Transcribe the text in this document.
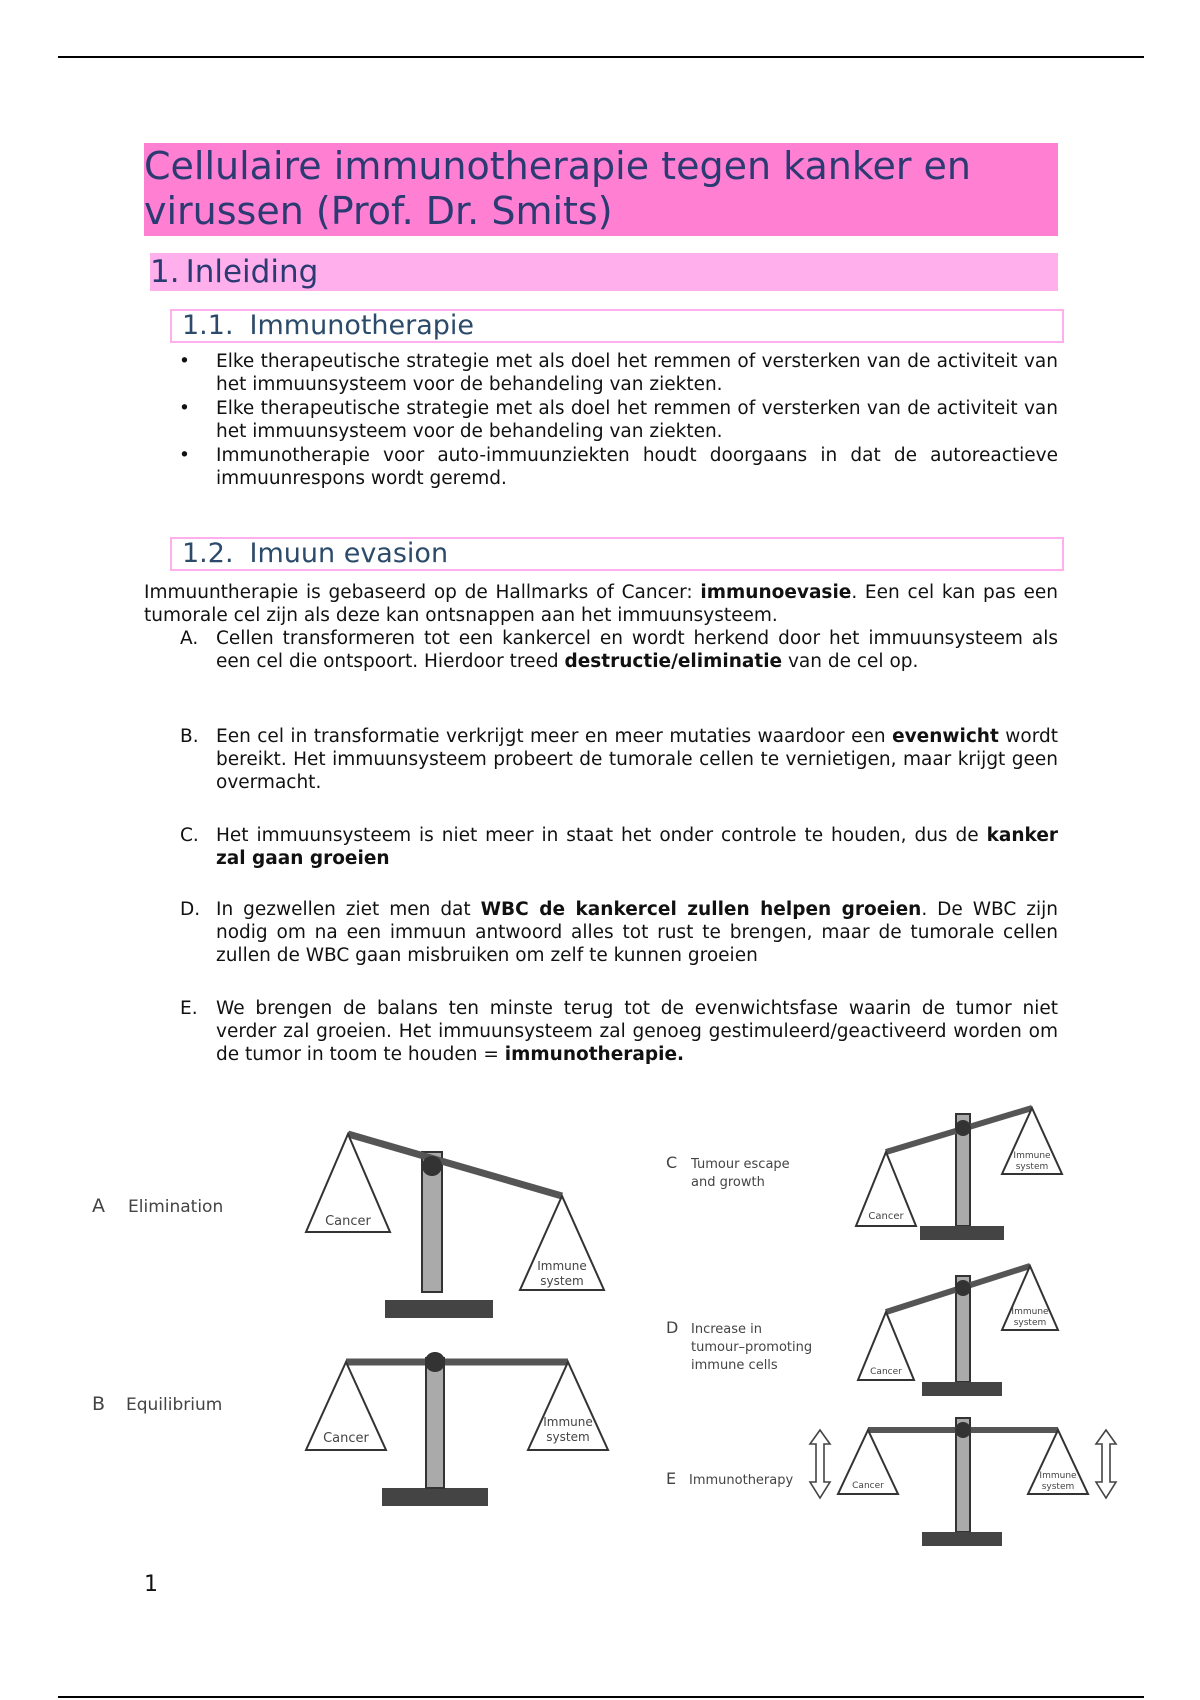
Cellulaire immunotherapie tegen kanker en
virussen (Prof. Dr. Smits)
1. Inleiding
1.1. Immunotherapie
• Elke therapeutische strategie met als doel het remmen of versterken van de activiteit van het immuunsysteem voor de behandeling van ziekten.
• Elke therapeutische strategie met als doel het remmen of versterken van de activiteit van het immuunsysteem voor de behandeling van ziekten.
• Immunotherapie voor auto-immuunziekten houdt doorgaans in dat de autoreactieve immuunrespons wordt geremd.
1.2. Imuun evasion
Immuuntherapie is gebaseerd op de Hallmarks of Cancer: immunoevasie. Een cel kan pas een tumorale cel zijn als deze kan ontsnappen aan het immuunsysteem.
A. Cellen transformeren tot een kankercel en wordt herkend door het immuunsysteem als een cel die ontspoort. Hierdoor treed destructie/eliminatie van de cel op.
B. Een cel in transformatie verkrijgt meer en meer mutaties waardoor een evenwicht wordt bereikt. Het immuunsysteem probeert de tumorale cellen te vernietigen, maar krijgt geen overmacht.
C. Het immuunsysteem is niet meer in staat het onder controle te houden, dus de kanker zal gaan groeien
D. In gezwellen ziet men dat WBC de kankercel zullen helpen groeien. De WBC zijn nodig om na een immuun antwoord alles tot rust te brengen, maar de tumorale cellen zullen de WBC gaan misbruiken om zelf te kunnen groeien
E. We brengen de balans ten minste terug tot de evenwichtsfase waarin de tumor niet verder zal groeien. Het immuunsysteem zal genoeg gestimuleerd/geactiveerd worden om de tumor in toom te houden = immunotherapie.
Cancer
Immune
system
A Elimination
Cancer
Immune
system
B Equilibrium
Cancer
Immune
system
C Tumour escape
and growth
Cancer
Immune
system
D Increase in
tumour–promoting
immune cells
Cancer
Immune
system
E Immunotherapy
1
